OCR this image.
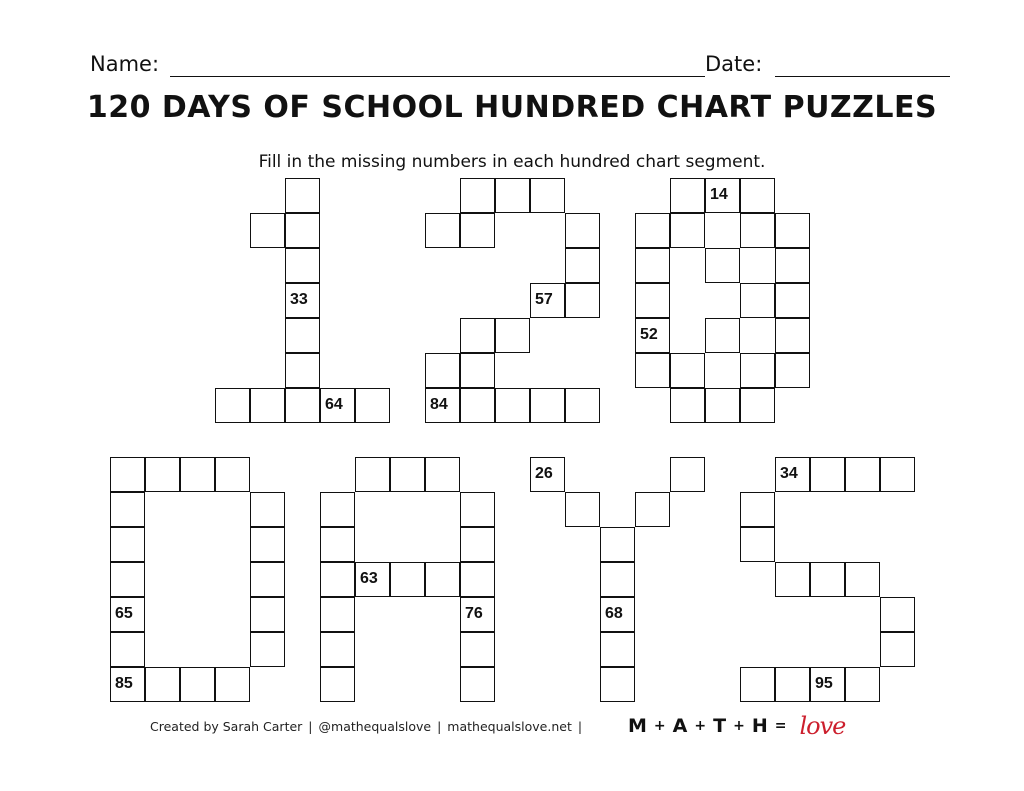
Name:	Date:
120 DAYS OF SCHOOL HUNDRED CHART PUZZLES
Fill in the missing numbers in each hundred chart segment.
33
64
57
84
14
52
65
85
63
76
26
68
34
95
Created by Sarah Carter | @mathequalslove | mathequalslove.net | M + A + T + H = love
